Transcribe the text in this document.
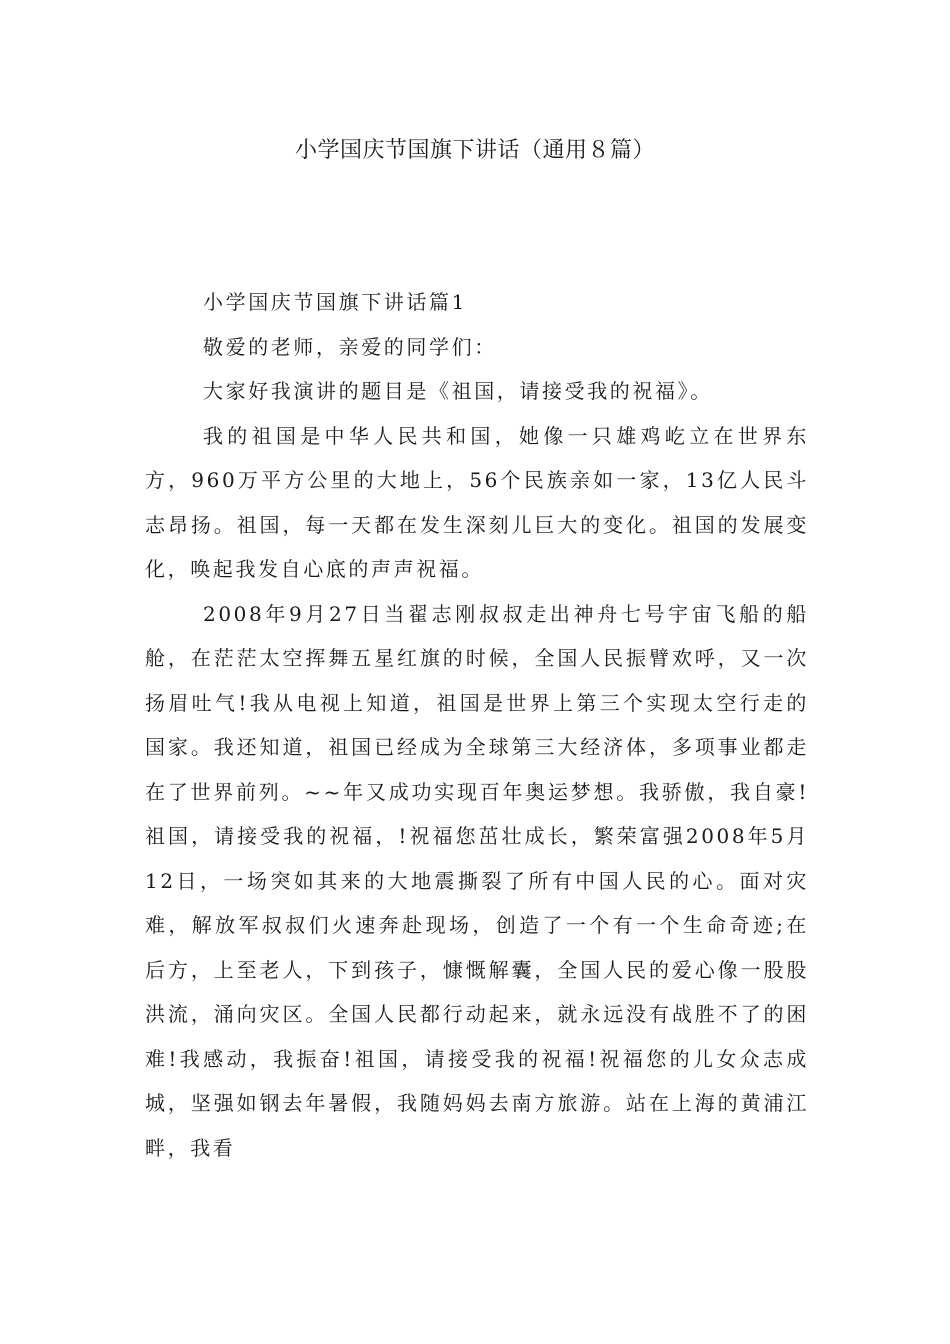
小学国庆节国旗下讲话（通用８篇）

小学国庆节国旗下讲话篇1

敬爱的老师，亲爱的同学们：

大家好我演讲的题目是《祖国，请接受我的祝福》。

我的祖国是中华人民共和国，她像一只雄鸡屹立在世界东方，960万平方公里的大地上，56个民族亲如一家，13亿人民斗志昂扬。祖国，每一天都在发生深刻儿巨大的变化。祖国的发展变化，唤起我发自心底的声声祝福。

2008年9月27日当翟志刚叔叔走出神舟七号宇宙飞船的船舱，在茫茫太空挥舞五星红旗的时候，全国人民振臂欢呼，又一次扬眉吐气!我从电视上知道，祖国是世界上第三个实现太空行走的国家。我还知道，祖国已经成为全球第三大经济体，多项事业都走在了世界前列。~~年又成功实现百年奥运梦想。我骄傲，我自豪!祖国，请接受我的祝福，!祝福您茁壮成长，繁荣富强2008年5月12日，一场突如其来的大地震撕裂了所有中国人民的心。面对灾难，解放军叔叔们火速奔赴现场，创造了一个有一个生命奇迹;在后方，上至老人，下到孩子，慷慨解囊，全国人民的爱心像一股股洪流，涌向灾区。全国人民都行动起来，就永远没有战胜不了的困难!我感动，我振奋!祖国，请接受我的祝福!祝福您的儿女众志成城，坚强如钢去年暑假，我随妈妈去南方旅游。站在上海的黄浦江畔，我看
